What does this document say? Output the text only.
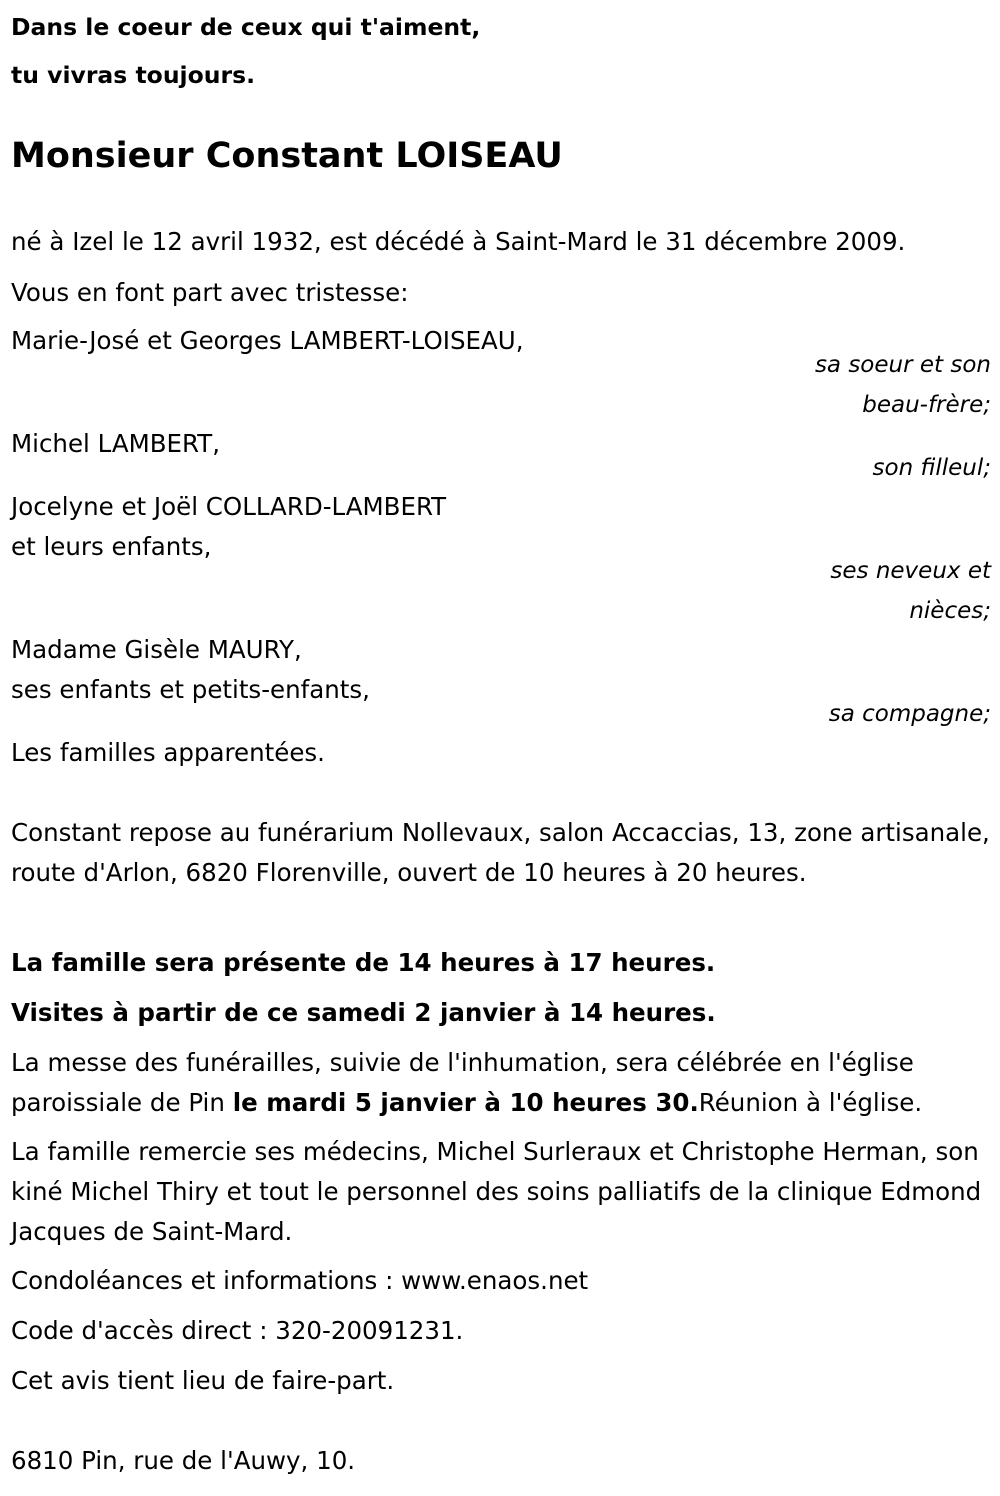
Dans le coeur de ceux qui t'aiment,
tu vivras toujours.
Monsieur Constant LOISEAU
né à Izel le 12 avril 1932, est décédé à Saint-Mard le 31 décembre 2009.
Vous en font part avec tristesse:
Marie-José et Georges LAMBERT-LOISEAU,
sa soeur et son
beau-frère;
Michel LAMBERT,
son filleul;
Jocelyne et Joël COLLARD-LAMBERT
et leurs enfants,
ses neveux et
nièces;
Madame Gisèle MAURY,
ses enfants et petits-enfants,
sa compagne;
Les familles apparentées.
Constant repose au funérarium Nollevaux, salon Accaccias, 13, zone artisanale, route d'Arlon, 6820 Florenville, ouvert de 10 heures à 20 heures.
La famille sera présente de 14 heures à 17 heures.
Visites à partir de ce samedi 2 janvier à 14 heures.
La messe des funérailles, suivie de l'inhumation, sera célébrée en l'église paroissiale de Pin le mardi 5 janvier à 10 heures 30.Réunion à l'église.
La famille remercie ses médecins, Michel Surleraux et Christophe Herman, son kiné Michel Thiry et tout le personnel des soins palliatifs de la clinique Edmond Jacques de Saint-Mard.
Condoléances et informations : www.enaos.net
Code d'accès direct : 320-20091231.
Cet avis tient lieu de faire-part.
6810 Pin, rue de l'Auwy, 10.
